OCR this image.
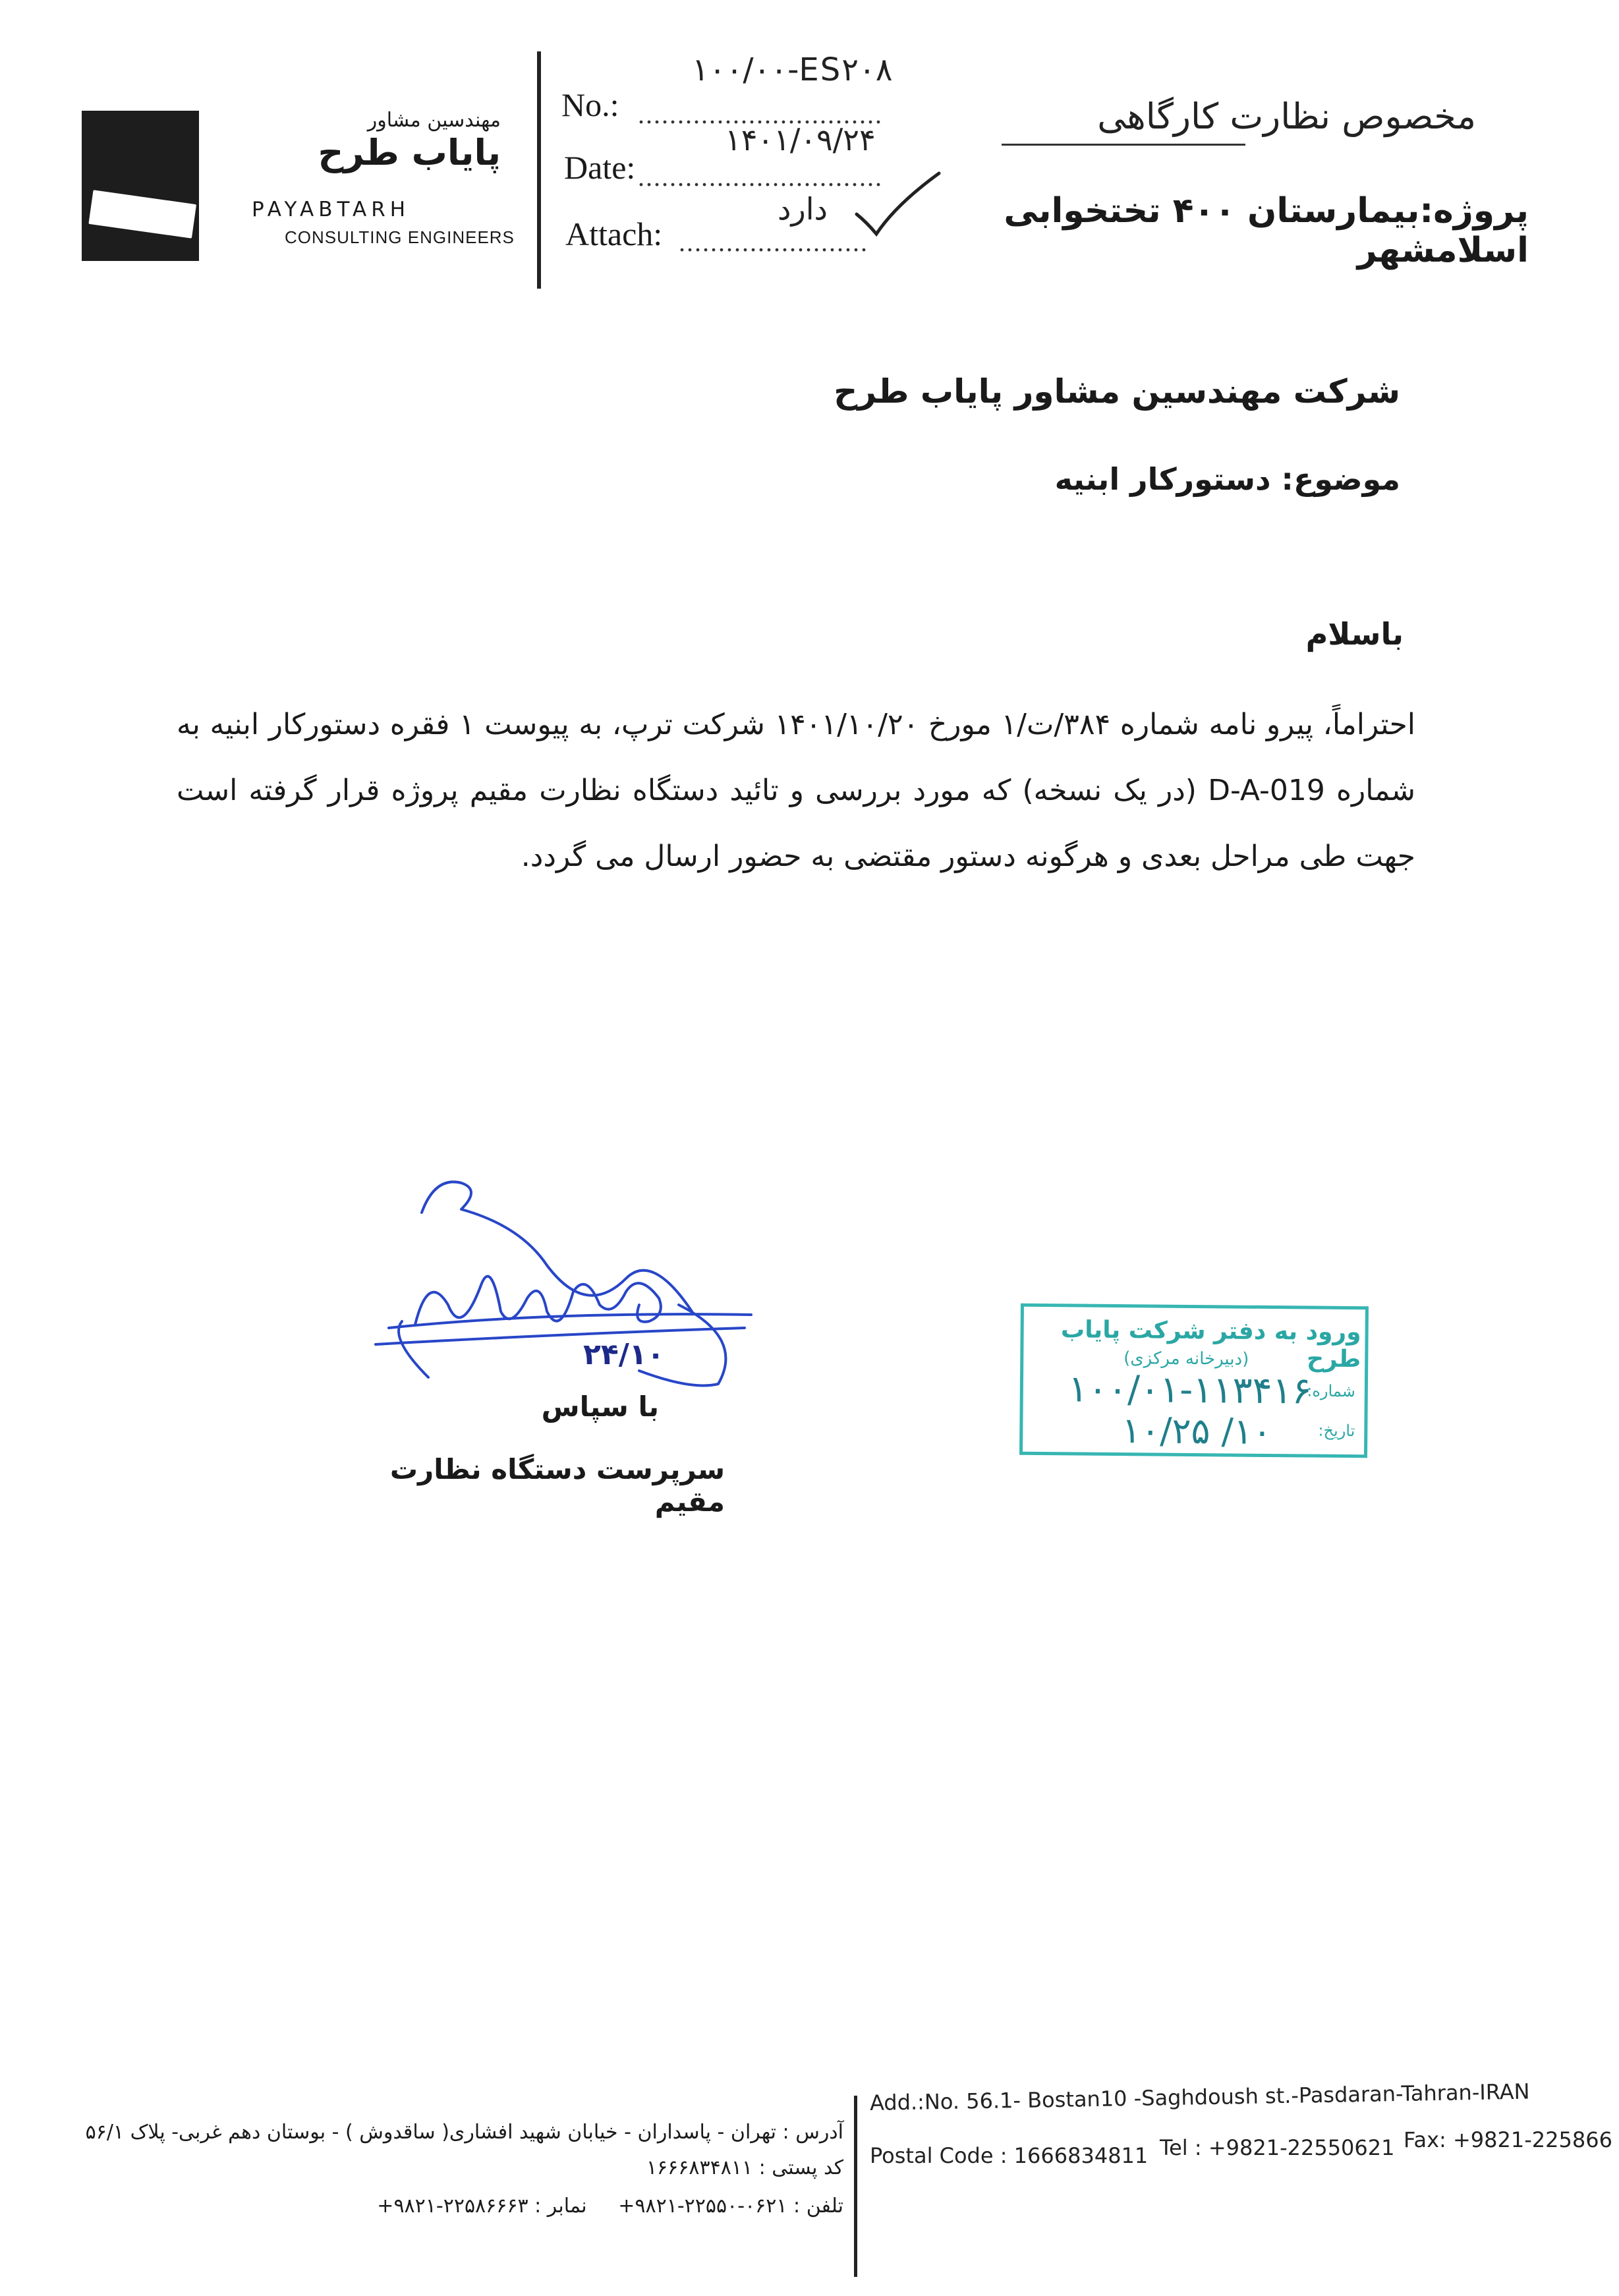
مهندسین مشاور
پایاب طرح
PAYABTARH
CONSULTING ENGINEERS
No.: ...............................
۱۰۰/۰۰-ES۲۰۸
Date: ...............................
۱۴۰۱/۰۹/۲۴
Attach: ........................
دارد
مخصوص نظارت کارگاهی
پروژه:بیمارستان ۴۰۰ تختخوابی اسلامشهر
شرکت مهندسین مشاور پایاب طرح
موضوع: دستورکار ابنیه
باسلام
احتراماً، پیرو نامه شماره ۳۸۴/ت/۱ مورخ ۱۴۰۱/۱۰/۲۰ شرکت ترپ، به پیوست ۱ فقره دستورکار ابنیه به شماره D-A-019 (در یک نسخه) که مورد بررسی و تائید دستگاه نظارت مقیم پروژه قرار گرفته است جهت طی مراحل بعدی و هرگونه دستور مقتضی به حضور ارسال می گردد.
۲۴/۱۰
با سپاس
سرپرست دستگاه نظارت مقیم
ورود به دفتر شرکت پایاب طرح
(دبیرخانه مرکزی)
شماره:
۱۰۰/۰۱-۱۱۳۴۱۶
تاریخ:
۱۰/۲۵ /۱۰
آدرس : تهران - پاسداران - خیابان شهید افشاری( ساقدوش ) - بوستان دهم غربی- پلاک ۵۶/۱
کد پستی : ۱۶۶۶۸۳۴۸۱۱
تلفن : ۰۶۲۱-۲۲۵۵۰-۹۸۲۱+     نمابر : ۲۲۵۸۶۶۶۳-۹۸۲۱+
Add.:No. 56.1- Bostan10 -Saghdoush st.-Pasdaran-Tahran-IRAN
Postal Code : 1666834811 Tel : +9821-22550621 Fax: +9821-225866
